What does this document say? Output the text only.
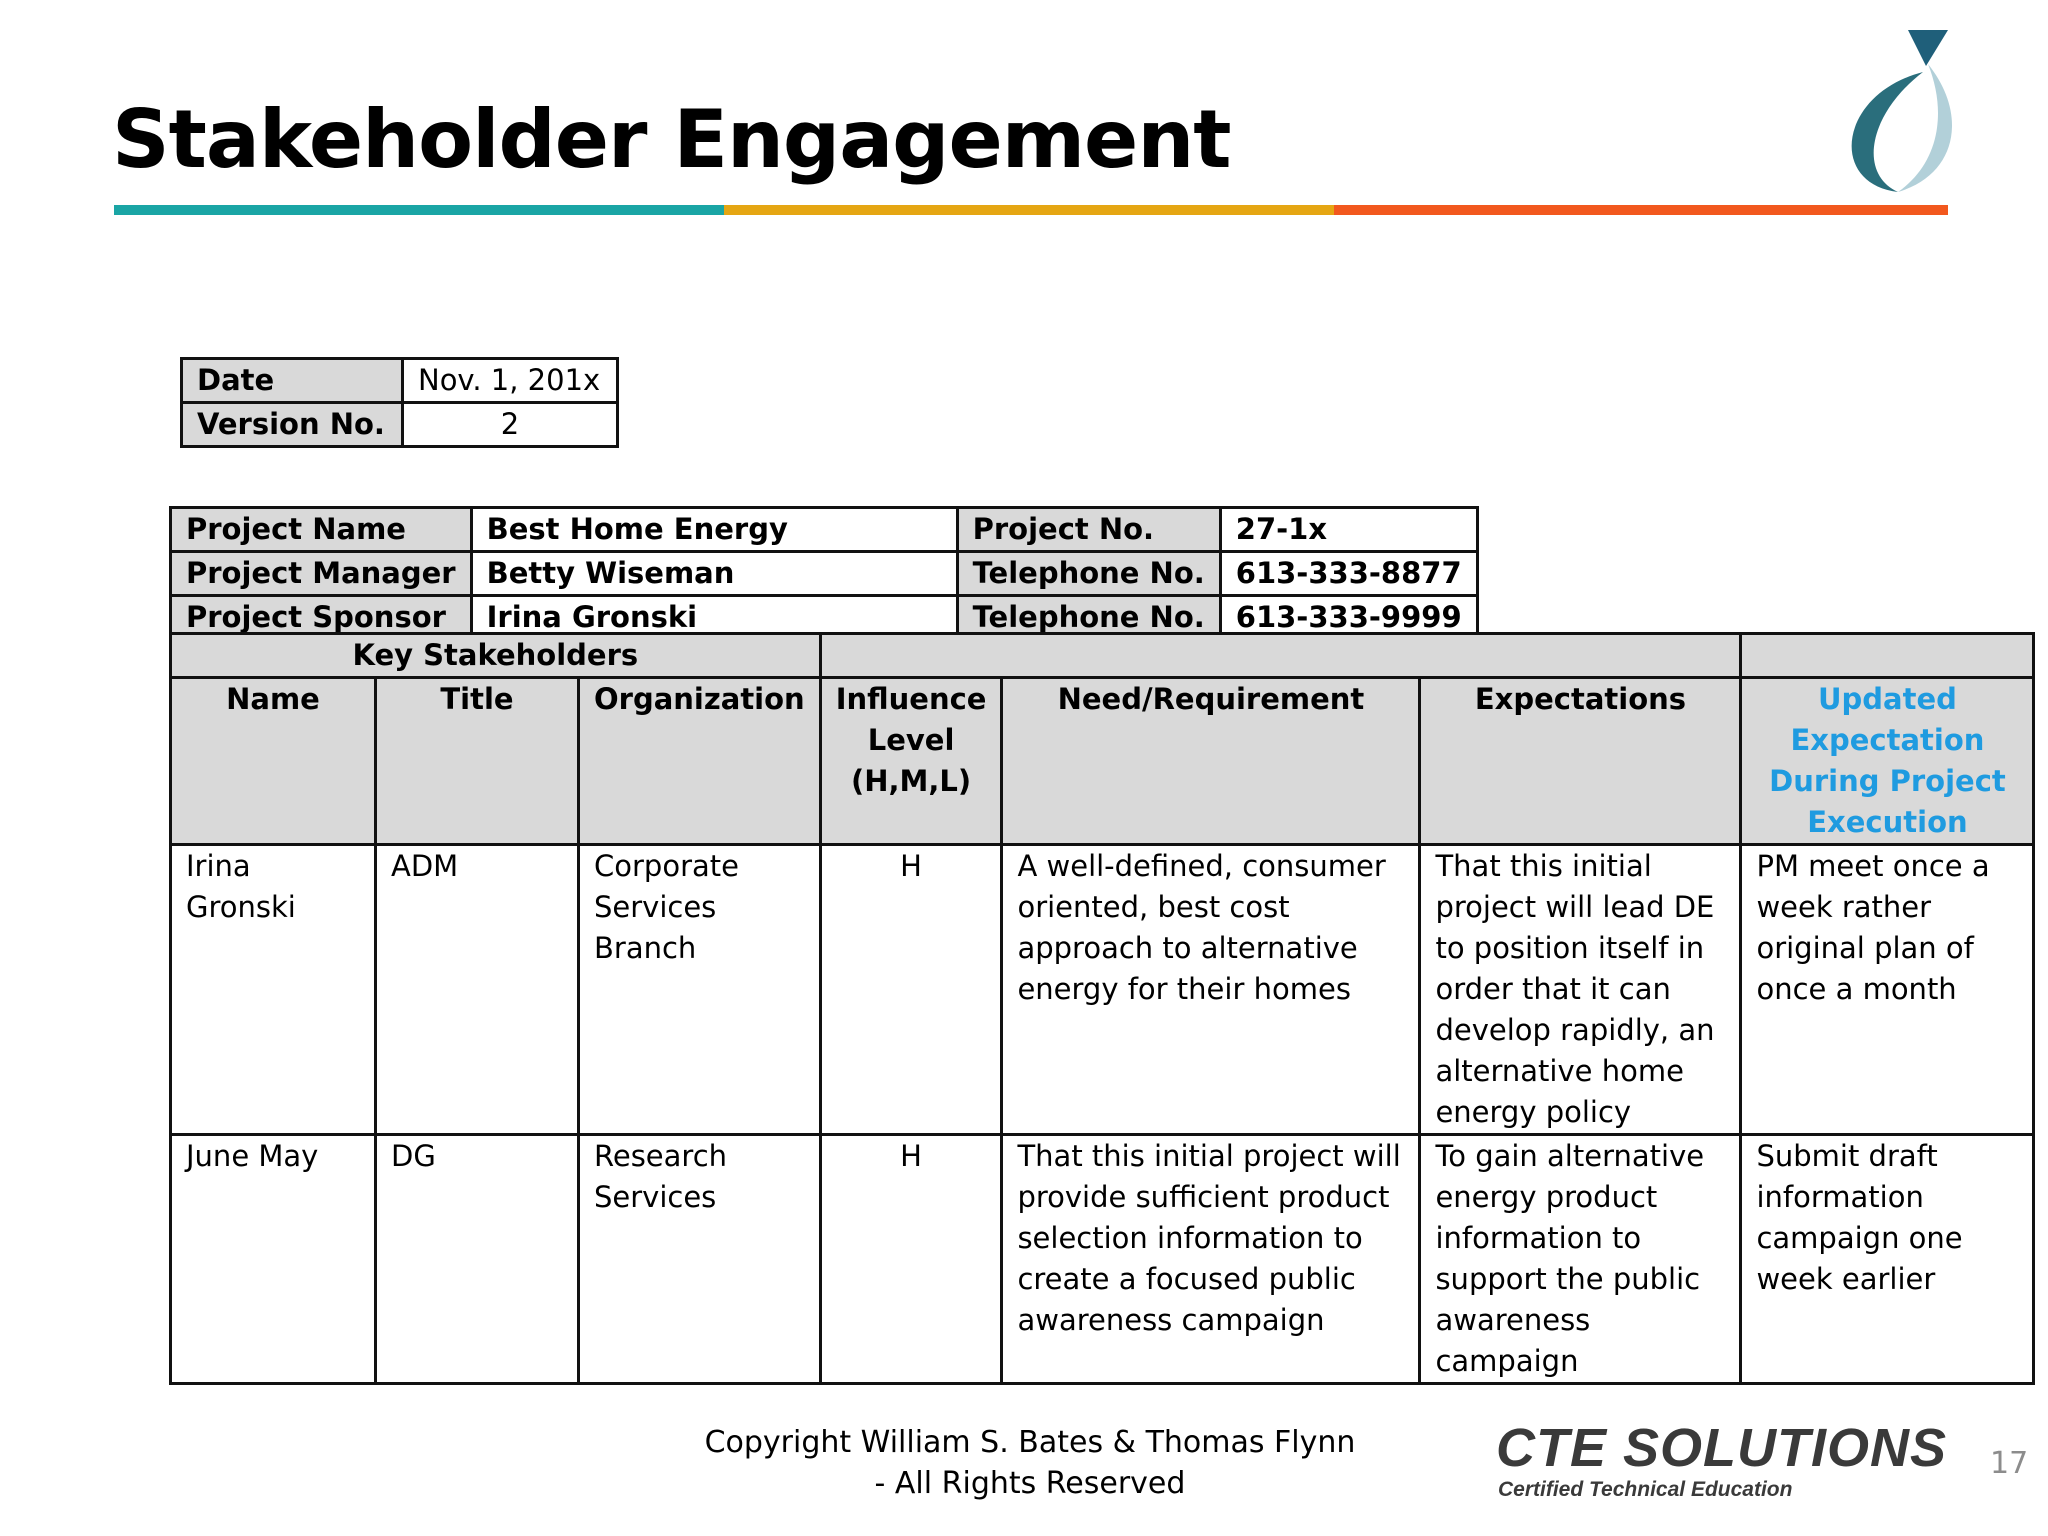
Stakeholder Engagement
Date	Nov. 1, 201x
Version No.	2
Project Name	Best Home Energy	Project No.	27-1x
Project Manager	Betty Wiseman	Telephone No.	613-333-8877
Project Sponsor	Irina Gronski	Telephone No.	613-333-9999
Key Stakeholders						
Name	Title	Organization	Influence Level (H,M,L)	Need/Requirement	Expectations	Updated Expectation During Project Execution
Irina Gronski	ADM	Corporate Services Branch	H	A well-defined, consumer oriented, best cost approach to alternative energy for their homes	That this initial project will lead DE to position itself in order that it can develop rapidly, an alternative home energy policy	PM meet once a week rather original plan of once a month
June May	DG	Research Services	H	That this initial project will provide sufficient product selection information to create a focused public awareness campaign	To gain alternative energy product information to support the public awareness campaign	Submit draft information campaign one week earlier
Copyright William S. Bates & Thomas Flynn
- All Rights Reserved
CTE SOLUTIONS
Certified Technical Education
17
